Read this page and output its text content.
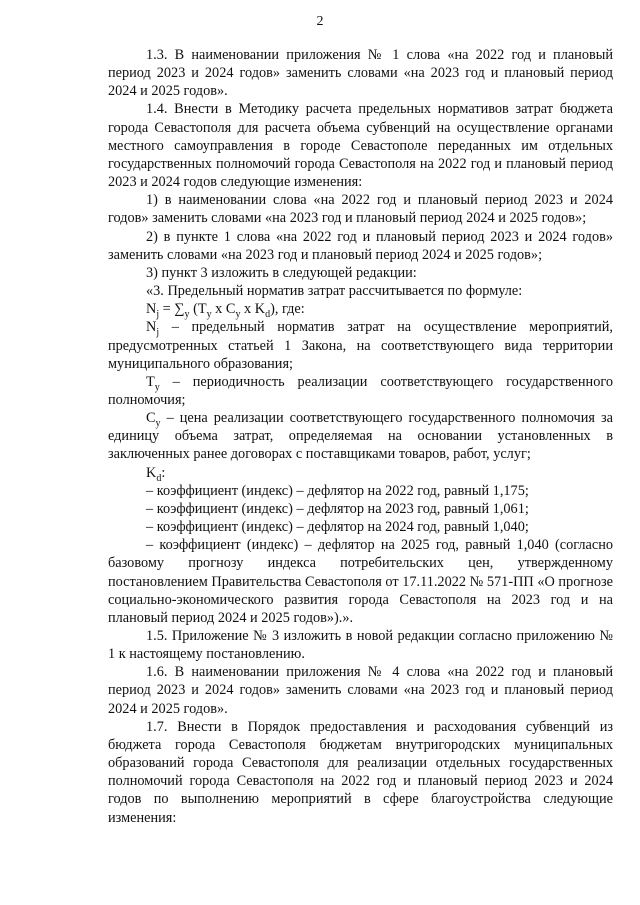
2

1.3. В наименовании приложения № 1 слова «на 2022 год и плановый период 2023 и 2024 годов» заменить словами «на 2023 год и плановый период 2024 и 2025 годов».

1.4. Внести в Методику расчета предельных нормативов затрат бюджета города Севастополя для расчета объема субвенций на осуществление органами местного самоуправления в городе Севастополе переданных им отдельных государственных полномочий города Севастополя на 2022 год и плановый период 2023 и 2024 годов следующие изменения:

1) в наименовании слова «на 2022 год и плановый период 2023 и 2024 годов» заменить словами «на 2023 год и плановый период 2024 и 2025 годов»;

2) в пункте 1 слова «на 2022 год и плановый период 2023 и 2024 годов» заменить словами «на 2023 год и плановый период 2024 и 2025 годов»;

3) пункт 3 изложить в следующей редакции:

«3. Предельный норматив затрат рассчитывается по формуле:

$N_j = \sum_y$ ($T_y$ x $C_y$ x $K_d$), где:

$N_j$ – предельный норматив затрат на осуществление мероприятий, предусмотренных статьей 1 Закона, на соответствующего вида территории муниципального образования;

$T_y$ – периодичность реализации соответствующего государственного полномочия;

$C_y$ – цена реализации соответствующего государственного полномочия за единицу объема затрат, определяемая на основании установленных в заключенных ранее договорах с поставщиками товаров, работ, услуг;

$K_d$:

– коэффициент (индекс) – дефлятор на 2022 год, равный 1,175;

– коэффициент (индекс) – дефлятор на 2023 год, равный 1,061;

– коэффициент (индекс) – дефлятор на 2024 год, равный 1,040;

– коэффициент (индекс) – дефлятор на 2025 год, равный 1,040 (согласно базовому прогнозу индекса потребительских цен, утвержденному постановлением Правительства Севастополя от 17.11.2022 № 571-ПП «О прогнозе социально-экономического развития города Севастополя на 2023 год и на плановый период 2024 и 2025 годов»).».

1.5. Приложение № 3 изложить в новой редакции согласно приложению № 1 к настоящему постановлению.

1.6. В наименовании приложения № 4 слова «на 2022 год и плановый период 2023 и 2024 годов» заменить словами «на 2023 год и плановый период 2024 и 2025 годов».

1.7. Внести в Порядок предоставления и расходования субвенций из бюджета города Севастополя бюджетам внутригородских муниципальных образований города Севастополя для реализации отдельных государственных полномочий города Севастополя на 2022 год и плановый период 2023 и 2024 годов по выполнению мероприятий в сфере благоустройства следующие изменения:
